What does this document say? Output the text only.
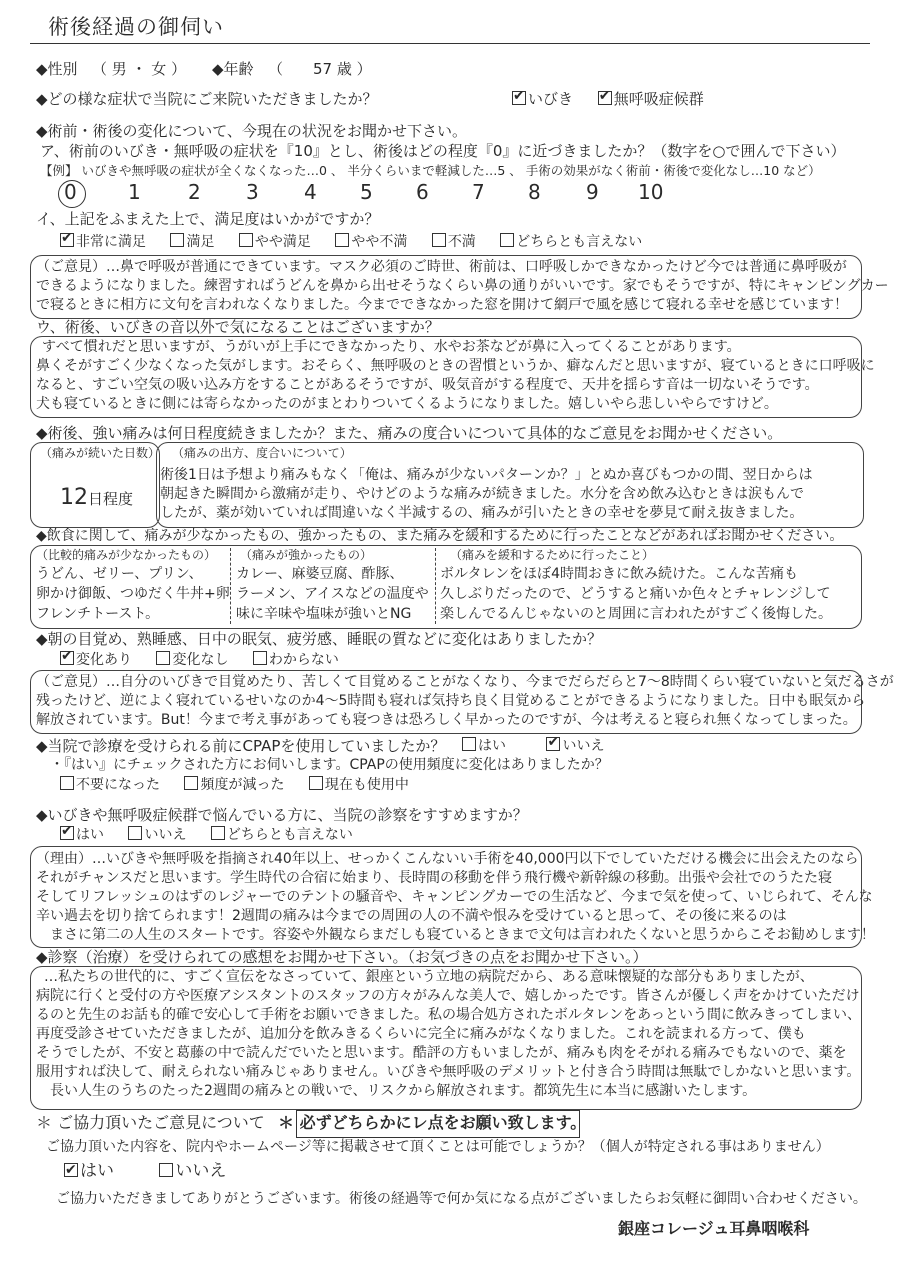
術後経過の御伺い
◆性別 （ 男 ・ 女 ） ◆年齢 （　　57 歳 ）
◆どの様な症状で当院にご来院いただきましたか？ ✔	いびき ✔	無呼吸症候群
◆術前・術後の変化について、今現在の状況をお聞かせ下さい。
ア、術前のいびき・無呼吸の症状を『10』とし、術後はどの程度『0』に近づきましたか？（数字を○で囲んで下さい）
【例】 いびきや無呼吸の症状が全くなくなった…0 、 半分くらいまで軽減した…5 、 手術の効果がなく術前・術後で変化なし…10 など）
0	1 2 3 4 5 6 7 8 9 10
イ、上記をふまえた上で、満足度はいかがですか？
✔非常に満足	満足	やや満足	やや不満	不満	どちらとも言えない
（ご意見）…鼻で呼吸が普通にできています。マスク必須のご時世、術前は、口呼吸しかできなかったけど今では普通に鼻呼吸が
できるようになりました。練習すればうどんを鼻から出せそうなくらい鼻の通りがいいです。家でもそうですが、特にキャンピングカー
で寝るときに相方に文句を言われなくなりました。今までできなかった窓を開けて網戸で風を感じて寝れる幸せを感じています！
ウ、術後、いびきの音以外で気になることはございますか？
すべて慣れだと思いますが、うがいが上手にできなかったり、水やお茶などが鼻に入ってくることがあります。
鼻くそがすごく少なくなった気がします。おそらく、無呼吸のときの習慣というか、癖なんだと思いますが、寝ているときに口呼吸に
なると、すごい空気の吸い込み方をすることがあるそうですが、吸気音がする程度で、天井を揺らす音は一切ないそうです。
犬も寝ているときに側には寄らなかったのがまとわりついてくるようになりました。嬉しいやら悲しいやらですけど。
◆術後、強い痛みは何日程度続きましたか？また、痛みの度合いについて具体的なご意見をお聞かせください。
（痛みが続いた日数）
12日程度
（痛みの出方、度合いについて）
術後1日は予想より痛みもなく「俺は、痛みが少ないパターンか？」とぬか喜びもつかの間、翌日からは
朝起きた瞬間から激痛が走り、やけどのような痛みが続きました。水分を含め飲み込むときは涙もんで
したが、薬が効いていれば間違いなく半減するの、痛みが引いたときの幸せを夢見て耐え抜きました。
◆飲食に関して、痛みが少なかったもの、強かったもの、また痛みを緩和するために行ったことなどがあればお聞かせください。
（比較的痛みが少なかったもの）
うどん、ゼリー、プリン、
卵かけ御飯、つゆだく牛丼+卵
フレンチトースト。
（痛みが強かったもの）
カレー、麻婆豆腐、酢豚、
ラーメン、アイスなどの温度や
味に辛味や塩味が強いとNG
（痛みを緩和するために行ったこと）
ボルタレンをほぼ4時間おきに飲み続けた。こんな苦痛も
久しぶりだったので、どうすると痛いか色々とチャレンジして
楽しんでるんじゃないのと周囲に言われたがすごく後悔した。
◆朝の目覚め、熟睡感、日中の眠気、疲労感、睡眠の質などに変化はありましたか？
✔変化あり	変化なし	わからない
（ご意見）…自分のいびきで目覚めたり、苦しくて目覚めることがなくなり、今までだらだらと7～8時間くらい寝ていないと気だるさが
残ったけど、逆によく寝れているせいなのか4～5時間も寝れば気持ち良く目覚めることができるようになりました。日中も眠気から
解放されています。But！今まで考え事があっても寝つきは恐ろしく早かったのですが、今は考えると寝られ無くなってしまった。
◆当院で診療を受けられる前にCPAPを使用していましたか？	はい ✔	いいえ
・『はい』にチェックされた方にお伺いします。CPAPの使用頻度に変化はありましたか？
不要になった	頻度が減った	現在も使用中
◆いびきや無呼吸症候群で悩んでいる方に、当院の診察をすすめますか？
✔はい	いいえ	どちらとも言えない
（理由）…いびきや無呼吸を指摘され40年以上、せっかくこんないい手術を40,000円以下でしていただける機会に出会えたのなら
それがチャンスだと思います。学生時代の合宿に始まり、長時間の移動を伴う飛行機や新幹線の移動。出張や会社でのうたた寝
そしてリフレッシュのはずのレジャーでのテントの騒音や、キャンピングカーでの生活など、今まで気を使って、いじられて、そんな
辛い過去を切り捨てられます！2週間の痛みは今までの周囲の人の不満や恨みを受けていると思って、その後に来るのは
まさに第二の人生のスタートです。容姿や外観ならまだしも寝ているときまで文句は言われたくないと思うからこそお勧めします！
◆診察（治療）を受けられての感想をお聞かせ下さい。（お気づきの点をお聞かせ下さい。）
…私たちの世代的に、すごく宣伝をなさっていて、銀座という立地の病院だから、ある意味懐疑的な部分もありましたが、
病院に行くと受付の方や医療アシスタントのスタッフの方々がみんな美人で、嬉しかったです。皆さんが優しく声をかけていただけ
るのと先生のお話も的確で安心して手術をお願いできました。私の場合処方されたボルタレンをあっという間に飲みきってしまい、
再度受診させていただきましたが、追加分を飲みきるくらいに完全に痛みがなくなりました。これを読まれる方って、僕も
そうでしたが、不安と葛藤の中で読んだでいたと思います。酷評の方もいましたが、痛みも肉をそがれる痛みでもないので、薬を
服用すれば決して、耐えられない痛みじゃありません。いびきや無呼吸のデメリットと付き合う時間は無駄でしかないと思います。
長い人生のうちのたった2週間の痛みとの戦いで、リスクから解放されます。都筑先生に本当に感謝いたします。
＊ ご協力頂いたご意見について ＊ 必ずどちらかにレ点をお願い致します。
ご協力頂いた内容を、院内やホームページ等に掲載させて頂くことは可能でしょうか？（個人が特定される事はありません）
✔はい	いいえ
ご協力いただきましてありがとうございます。術後の経過等で何か気になる点がございましたらお気軽に御問い合わせください。
銀座コレージュ耳鼻咽喉科
